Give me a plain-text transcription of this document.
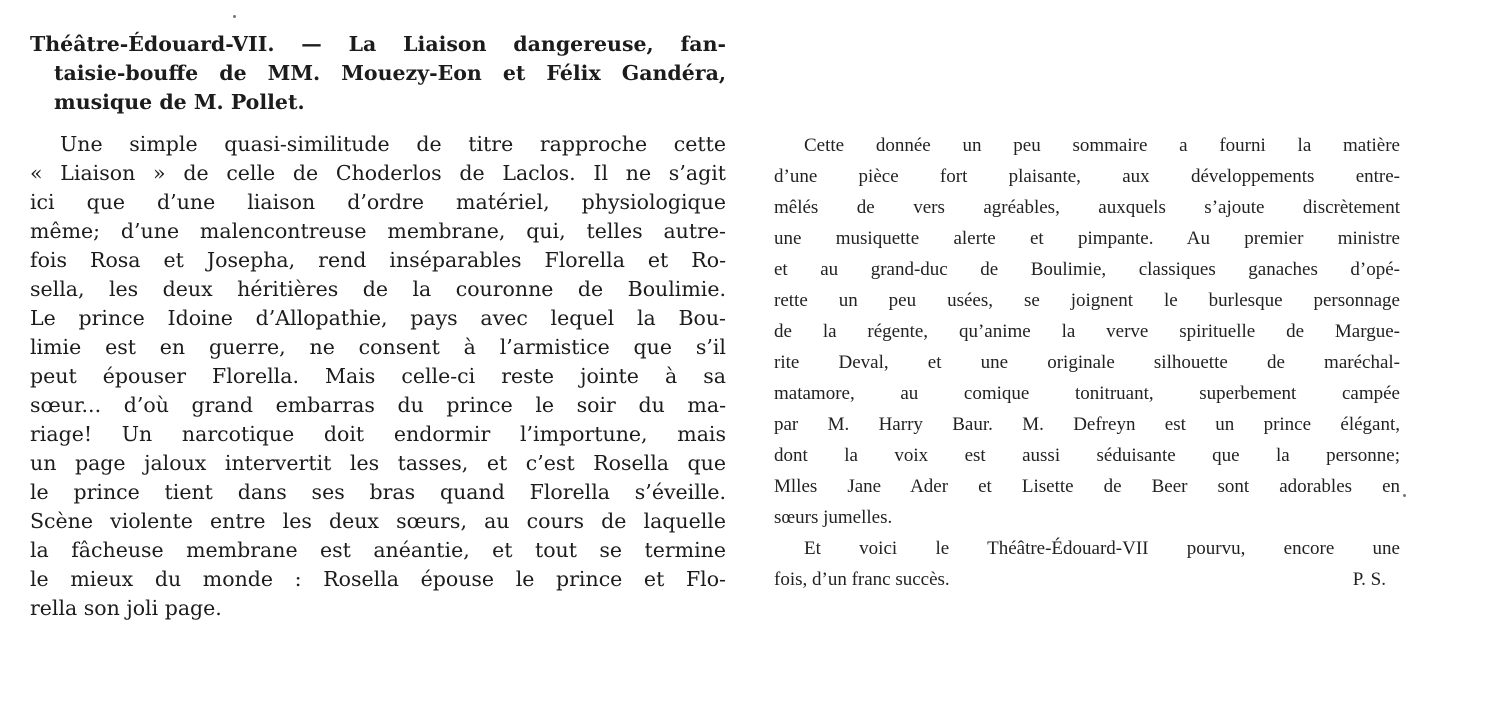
Théâtre-Édouard-VII. — La Liaison dangereuse, fan-
taisie-bouffe de MM. Mouezy-Eon et Félix Gandéra,
musique de M. Pollet.
Une simple quasi-similitude de titre rapproche cette
« Liaison » de celle de Choderlos de Laclos. Il ne s’agit
ici que d’une liaison d’ordre matériel, physiologique
même; d’une malencontreuse membrane, qui, telles autre-
fois Rosa et Josepha, rend inséparables Florella et Ro-
sella, les deux héritières de la couronne de Boulimie.
Le prince Idoine d’Allopathie, pays avec lequel la Bou-
limie est en guerre, ne consent à l’armistice que s’il
peut épouser Florella. Mais celle-ci reste jointe à sa
sœur... d’où grand embarras du prince le soir du ma-
riage! Un narcotique doit endormir l’importune, mais
un page jaloux intervertit les tasses, et c’est Rosella que
le prince tient dans ses bras quand Florella s’éveille.
Scène violente entre les deux sœurs, au cours de laquelle
la fâcheuse membrane est anéantie, et tout se termine
le mieux du monde : Rosella épouse le prince et Flo-
rella son joli page.
Cette donnée un peu sommaire a fourni la matière
d’une pièce fort plaisante, aux développements entre-
mêlés de vers agréables, auxquels s’ajoute discrètement
une musiquette alerte et pimpante. Au premier ministre
et au grand-duc de Boulimie, classiques ganaches d’opé-
rette un peu usées, se joignent le burlesque personnage
de la régente, qu’anime la verve spirituelle de Margue-
rite Deval, et une originale silhouette de maréchal-
matamore, au comique tonitruant, superbement campée
par M. Harry Baur. M. Defreyn est un prince élégant,
dont la voix est aussi séduisante que la personne;
Mlles Jane Ader et Lisette de Beer sont adorables en
sœurs jumelles.
Et voici le Théâtre-Édouard-VII pourvu, encore une
fois, d’un franc succès.	P. S.
